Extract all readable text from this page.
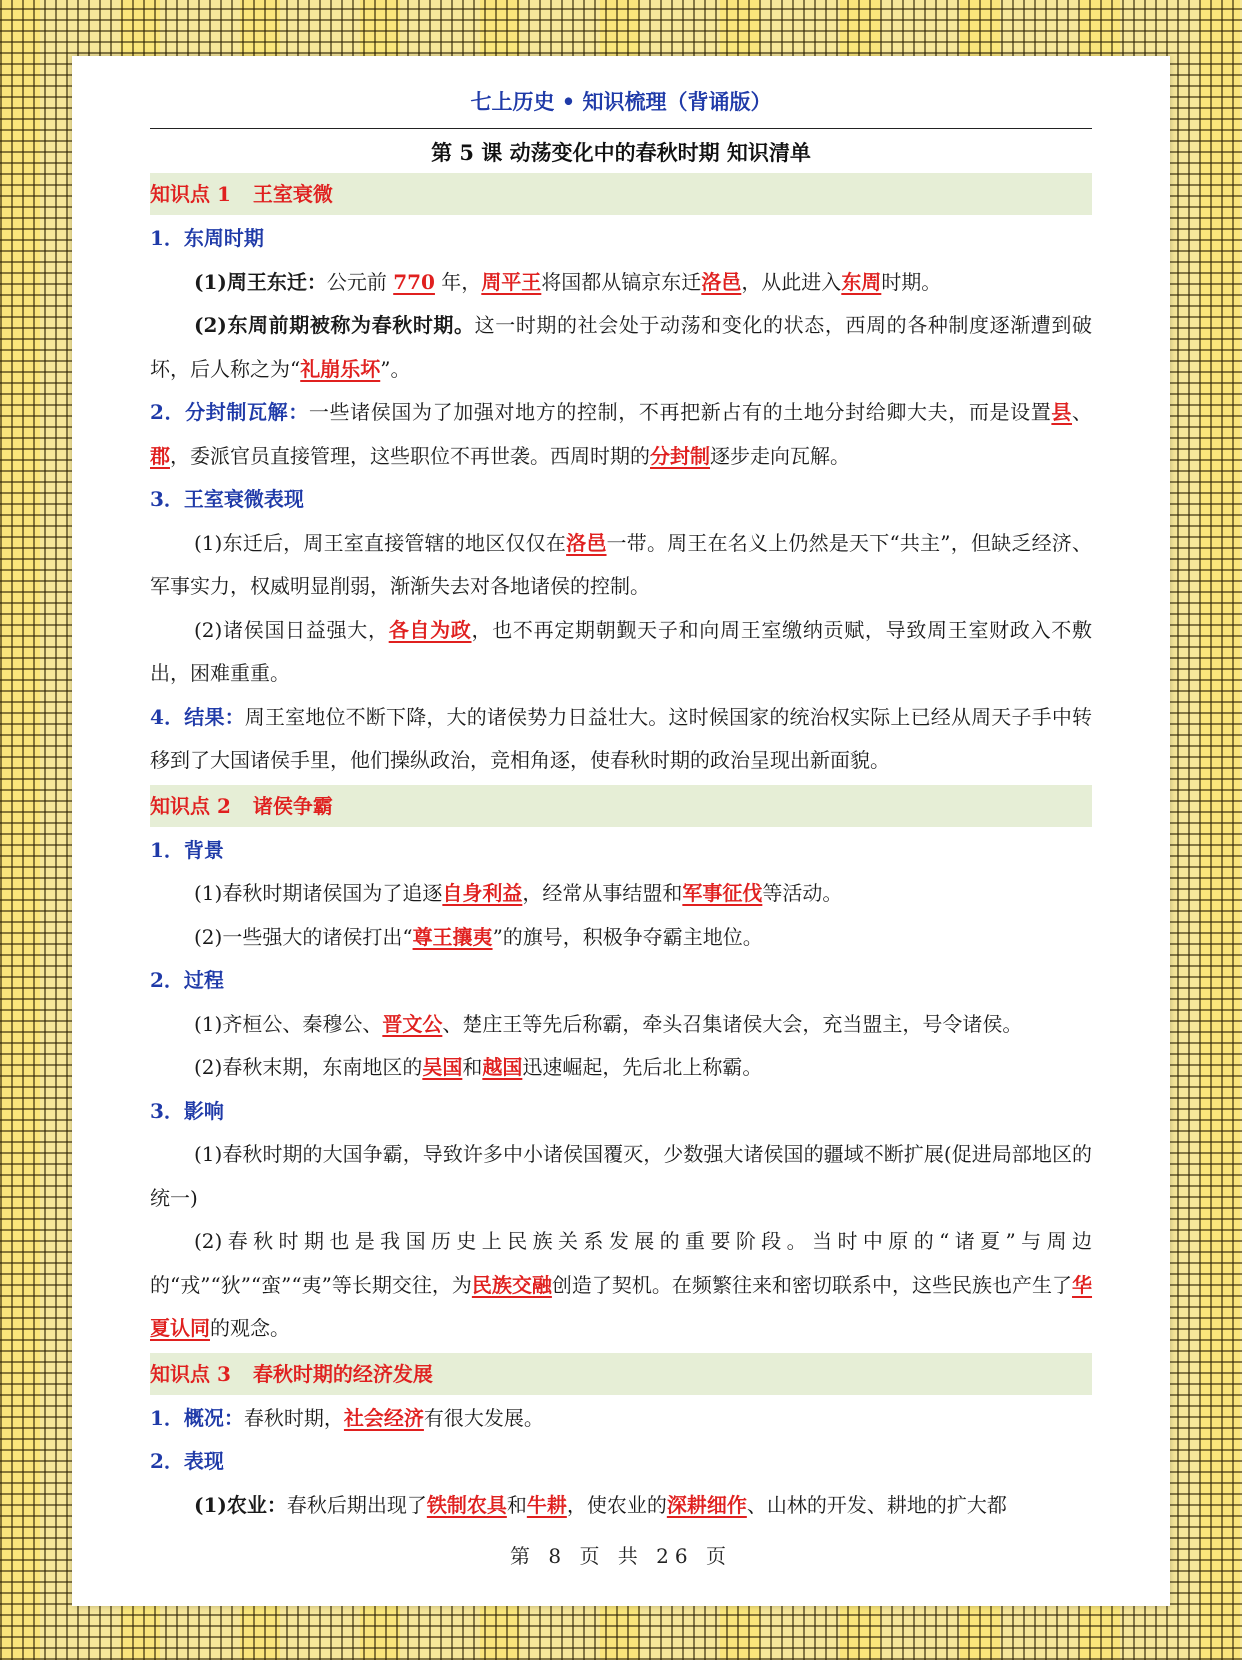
七上历史 • 知识梳理（背诵版）
第 5 课 动荡变化中的春秋时期 知识清单
知识点 1 王室衰微
1．东周时期
(1)周王东迁：公元前 770 年，周平王将国都从镐京东迁洛邑，从此进入东周时期。
(2)东周前期被称为春秋时期。这一时期的社会处于动荡和变化的状态，西周的各种制度逐渐遭到破坏，后人称之为“礼崩乐坏”。
2．分封制瓦解：一些诸侯国为了加强对地方的控制，不再把新占有的土地分封给卿大夫，而是设置县、郡，委派官员直接管理，这些职位不再世袭。西周时期的分封制逐步走向瓦解。
3．王室衰微表现
(1)东迁后，周王室直接管辖的地区仅仅在洛邑一带。周王在名义上仍然是天下“共主”，但缺乏经济、军事实力，权威明显削弱，渐渐失去对各地诸侯的控制。
(2)诸侯国日益强大，各自为政，也不再定期朝觐天子和向周王室缴纳贡赋，导致周王室财政入不敷出，困难重重。
4．结果：周王室地位不断下降，大的诸侯势力日益壮大。这时候国家的统治权实际上已经从周天子手中转移到了大国诸侯手里，他们操纵政治，竞相角逐，使春秋时期的政治呈现出新面貌。
知识点 2 诸侯争霸
1．背景
(1)春秋时期诸侯国为了追逐自身利益，经常从事结盟和军事征伐等活动。
(2)一些强大的诸侯打出“尊王攘夷”的旗号，积极争夺霸主地位。
2．过程
(1)齐桓公、秦穆公、晋文公、楚庄王等先后称霸，牵头召集诸侯大会，充当盟主，号令诸侯。
(2)春秋末期，东南地区的吴国和越国迅速崛起，先后北上称霸。
3．影响
(1)春秋时期的大国争霸，导致许多中小诸侯国覆灭，少数强大诸侯国的疆域不断扩展(促进局部地区的统一)
(2)春秋时期也是我国历史上民族关系发展的重要阶段。当时中原的“诸夏”与周边的“戎”“狄”“蛮”“夷”等长期交往，为民族交融创造了契机。在频繁往来和密切联系中，这些民族也产生了华夏认同的观念。
知识点 3 春秋时期的经济发展
1．概况：春秋时期，社会经济有很大发展。
2．表现
(1)农业：春秋后期出现了铁制农具和牛耕，使农业的深耕细作、山林的开发、耕地的扩大都
第 8 页 共 26 页
